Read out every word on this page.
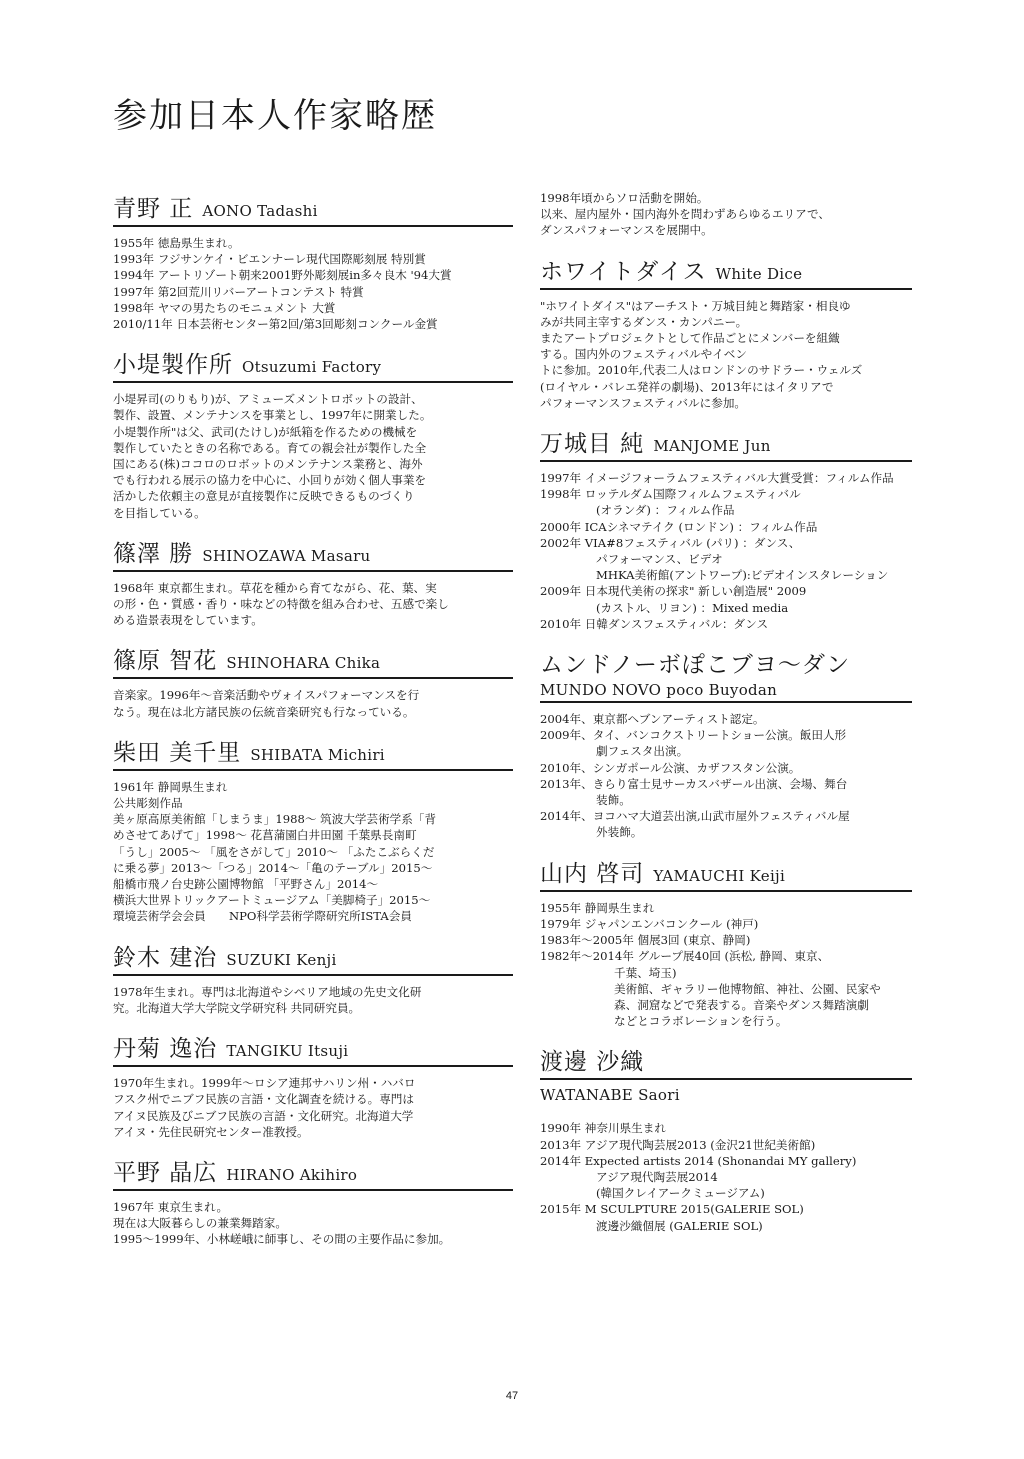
参加日本人作家略歴
青野 正 AONO Tadashi
1955年 徳島県生まれ。
1993年 フジサンケイ・ビエンナーレ現代国際彫刻展 特別賞
1994年 アートリゾート朝来2001野外彫刻展in多々良木 '94大賞
1997年 第2回荒川リバーアートコンテスト 特賞
1998年 ヤマの男たちのモニュメント 大賞
2010/11年 日本芸術センター第2回/第3回彫刻コンクール金賞
小堤製作所 Otsuzumi Factory
小堤昇司(のりもり)が、アミューズメントロボットの設計、
製作、設置、メンテナンスを事業とし、1997年に開業した。
小堤製作所"は父、武司(たけし)が紙箱を作るための機械を
製作していたときの名称である。育ての親会社が製作した全
国にある(株)ココロのロボットのメンテナンス業務と、海外
でも行われる展示の協力を中心に、小回りが効く個人事業を
活かした依頼主の意見が直接製作に反映できるものづくり
を目指している。
篠澤 勝 SHINOZAWA Masaru
1968年 東京都生まれ。草花を種から育てながら、花、葉、実
の形・色・質感・香り・味などの特徴を組み合わせ、五感で楽し
める造景表現をしています。
篠原 智花 SHINOHARA Chika
音楽家。1996年〜音楽活動やヴォイスパフォーマンスを行
なう。現在は北方諸民族の伝統音楽研究も行なっている。
柴田 美千里 SHIBATA Michiri
1961年 静岡県生まれ
公共彫刻作品
美ヶ原高原美術館「しまうま」1988〜 筑波大学芸術学系「背
めさせてあげて」1998〜 花菖蒲園白井田園 千葉県長南町
「うし」2005〜 「風をさがして」2010〜 「ふたこぶらくだ
に乗る夢」2013〜「つる」2014〜「亀のテーブル」2015〜
船橋市飛ノ台史跡公園博物館 「平野さん」2014〜
横浜大世界トリックアートミュージアム「美脚椅子」2015〜
環境芸術学会会員　　NPO科学芸術学際研究所ISTA会員
鈴木 建治 SUZUKI Kenji
1978年生まれ。専門は北海道やシベリア地域の先史文化研
究。北海道大学大学院文学研究科 共同研究員。
丹菊 逸治 TANGIKU Itsuji
1970年生まれ。1999年〜ロシア連邦サハリン州・ハバロ
フスク州でニブフ民族の言語・文化調査を続ける。専門は
アイヌ民族及びニブフ民族の言語・文化研究。北海道大学
アイヌ・先住民研究センター准教授。
平野 晶広 HIRANO Akihiro
1967年 東京生まれ。
現在は大阪暮らしの兼業舞踏家。
1995〜1999年、小林嵯峨に師事し、その間の主要作品に参加。
1998年頃からソロ活動を開始。
以来、屋内屋外・国内海外を問わずあらゆるエリアで、
ダンスパフォーマンスを展開中。
ホワイトダイス White Dice
"ホワイトダイス"はアーチスト・万城目純と舞踏家・相良ゆ
みが共同主宰するダンス・カンパニー。
またアートプロジェクトとして作品ごとにメンバーを組織
する。国内外のフェスティバルやイベン
トに参加。2010年,代表二人はロンドンのサドラー・ウェルズ
(ロイヤル・バレエ発祥の劇場)、2013年にはイタリアで
パフォーマンスフェスティバルに参加。
万城目 純 MANJOME Jun
1997年 イメージフォーラムフェスティバル大賞受賞：フィルム作品
1998年 ロッテルダム国際フィルムフェスティバル
(オランダ) ：フィルム作品
2000年 ICAシネマテイク (ロンドン) ：フィルム作品
2002年 VIA#8フェスティバル (パリ) ：ダンス、
パフォーマンス、ビデオ
MHKA美術館(アントワープ):ビデオインスタレーション
2009年 日本現代美術の探求" 新しい創造展" 2009
(カストル、リヨン) ：Mixed media
2010年 日韓ダンスフェスティバル：ダンス
ムンドノーボぽこブヨ〜ダン
MUNDO NOVO poco Buyodan
2004年、東京都ヘブンアーティスト認定。
2009年、タイ、バンコクストリートショー公演。飯田人形
劇フェスタ出演。
2010年、シンガポール公演、カザフスタン公演。
2013年、きらり富士見サーカスバザール出演、会場、舞台
装飾。
2014年、ヨコハマ大道芸出演,山武市屋外フェスティバル屋
外装飾。
山内 啓司 YAMAUCHI Keiji
1955年 静岡県生まれ
1979年 ジャパンエンバコンクール (神戸)
1983年〜2005年 個展3回 (東京、静岡)
1982年〜2014年 グループ展40回 (浜松, 静岡、東京、
千葉、埼玉)
美術館、ギャラリー他博物館、神社、公園、民家や
森、洞窟などで発表する。音楽やダンス舞踏演劇
などとコラボレーションを行う。
渡邊 沙織
WATANABE Saori
1990年 神奈川県生まれ
2013年 アジア現代陶芸展2013 (金沢21世紀美術館)
2014年 Expected artists 2014 (Shonandai MY gallery)
アジア現代陶芸展2014
(韓国クレイアークミュージアム)
2015年 M SCULPTURE 2015(GALERIE SOL)
渡邊沙織個展 (GALERIE SOL)
47
